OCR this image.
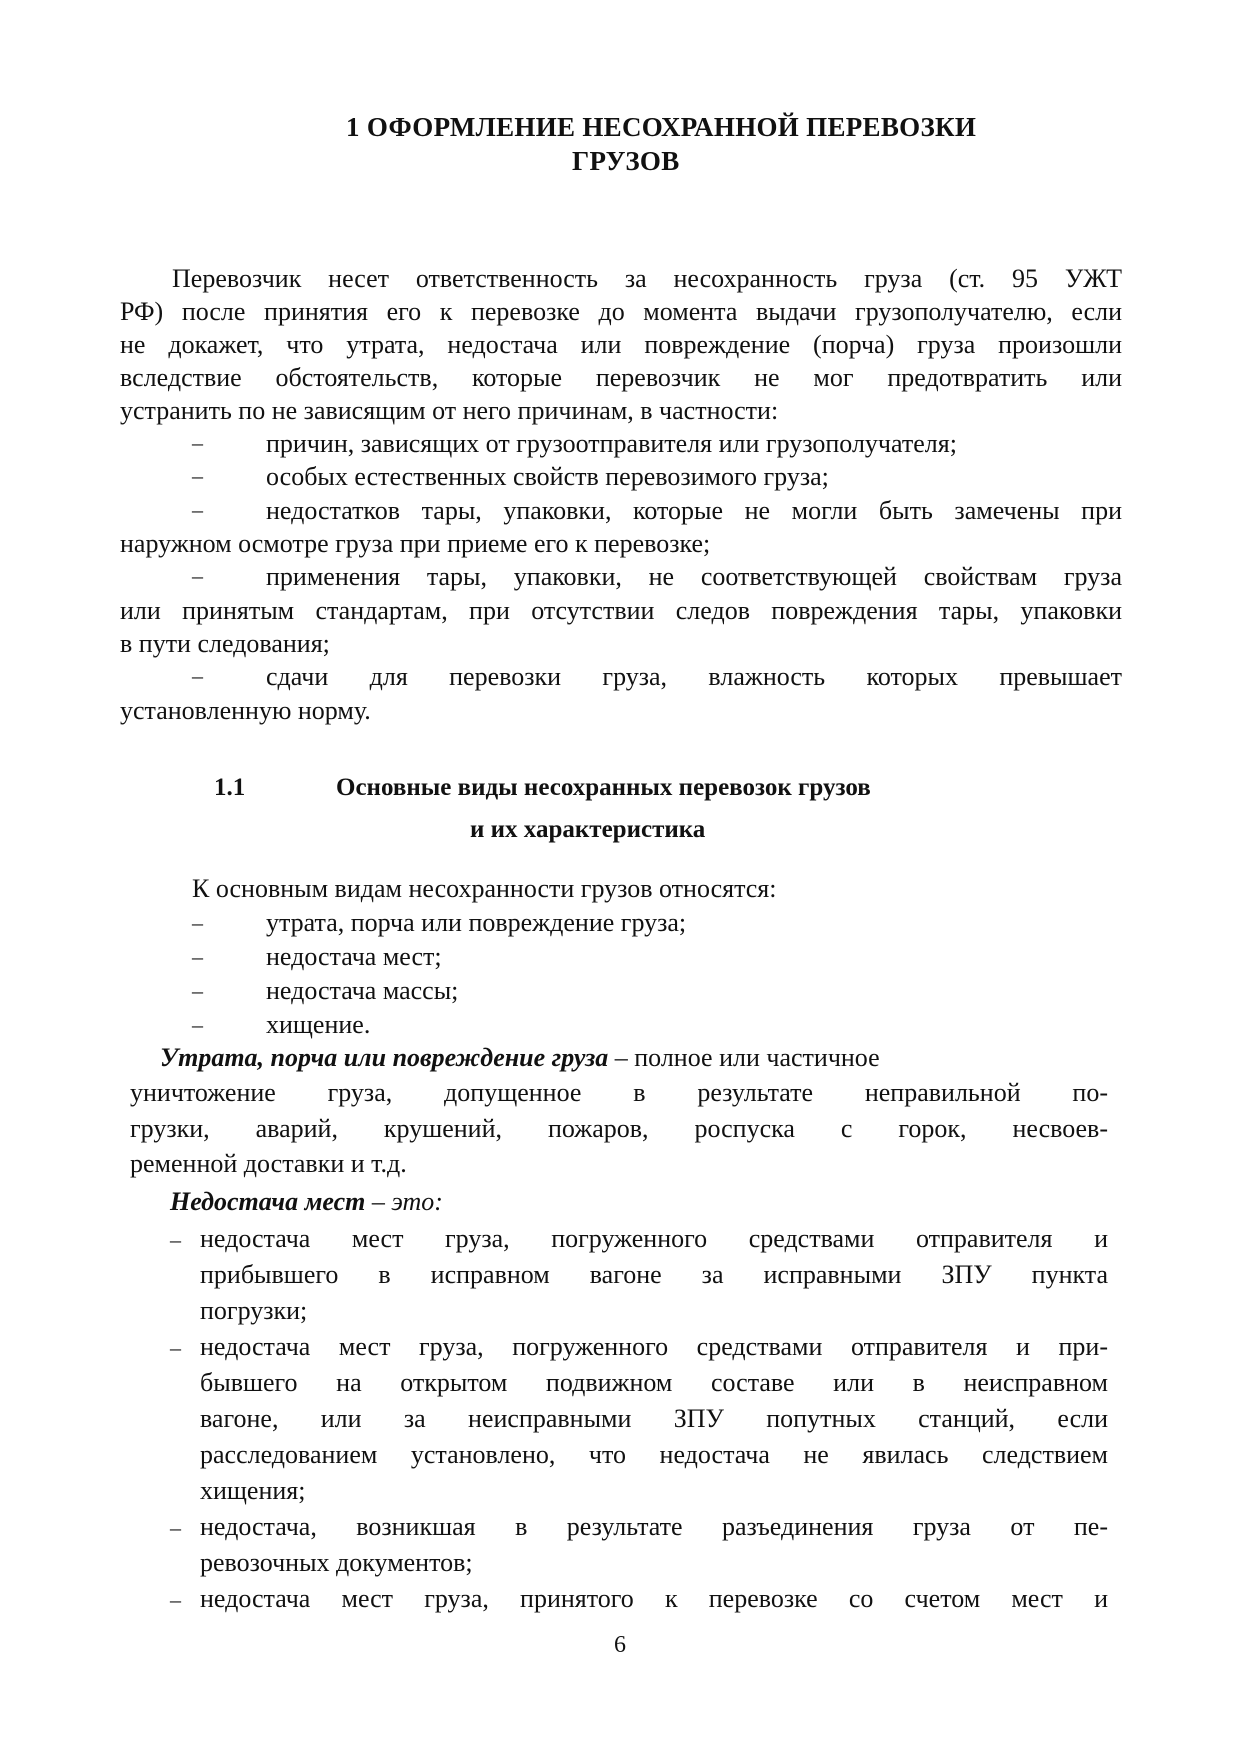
1 ОФОРМЛЕНИЕ НЕСОХРАННОЙ ПЕРЕВОЗКИ
ГРУЗОВ
Перевозчик несет ответственность за несохранность груза (ст. 95 УЖТ
РФ) после принятия его к перевозке до момента выдачи грузополучателю, если
не докажет, что утрата, недостача или повреждение (порча) груза произошли
вследствие обстоятельств, которые перевозчик не мог предотвратить или
устранить по не зависящим от него причинам, в частности:
– причин, зависящих от грузоотправителя или грузополучателя;
– особых естественных свойств перевозимого груза;
– недостатков тары, упаковки, которые не могли быть замечены при
наружном осмотре груза при приеме его к перевозке;
– применения тары, упаковки, не соответствующей свойствам груза
или принятым стандартам, при отсутствии следов повреждения тары, упаковки
в пути следования;
– сдачи для перевозки груза, влажность которых превышает
установленную норму.
1.1	Основные виды несохранных перевозок грузов
и их характеристика
К основным видам несохранности грузов относятся:
– утрата, порча или повреждение груза;
– недостача мест;
– недостача массы;
– хищение.
Утрата, порча или повреждение груза – полное или частичное
уничтожение груза, допущенное в результате неправильной по-
грузки, аварий, крушений, пожаров, роспуска с горок, несвоев-
ременной доставки и т.д.
Недостача мест – это:
– недостача мест груза, погруженного средствами отправителя и
прибывшего в исправном вагоне за исправными ЗПУ пункта
погрузки;
– недостача мест груза, погруженного средствами отправителя и при-
бывшего на открытом подвижном составе или в неисправном
вагоне, или за неисправными ЗПУ попутных станций, если
расследованием установлено, что недостача не явилась следствием
хищения;
– недостача, возникшая в результате разъединения груза от пе-
ревозочных документов;
– недостача мест груза, принятого к перевозке со счетом мест и
6
